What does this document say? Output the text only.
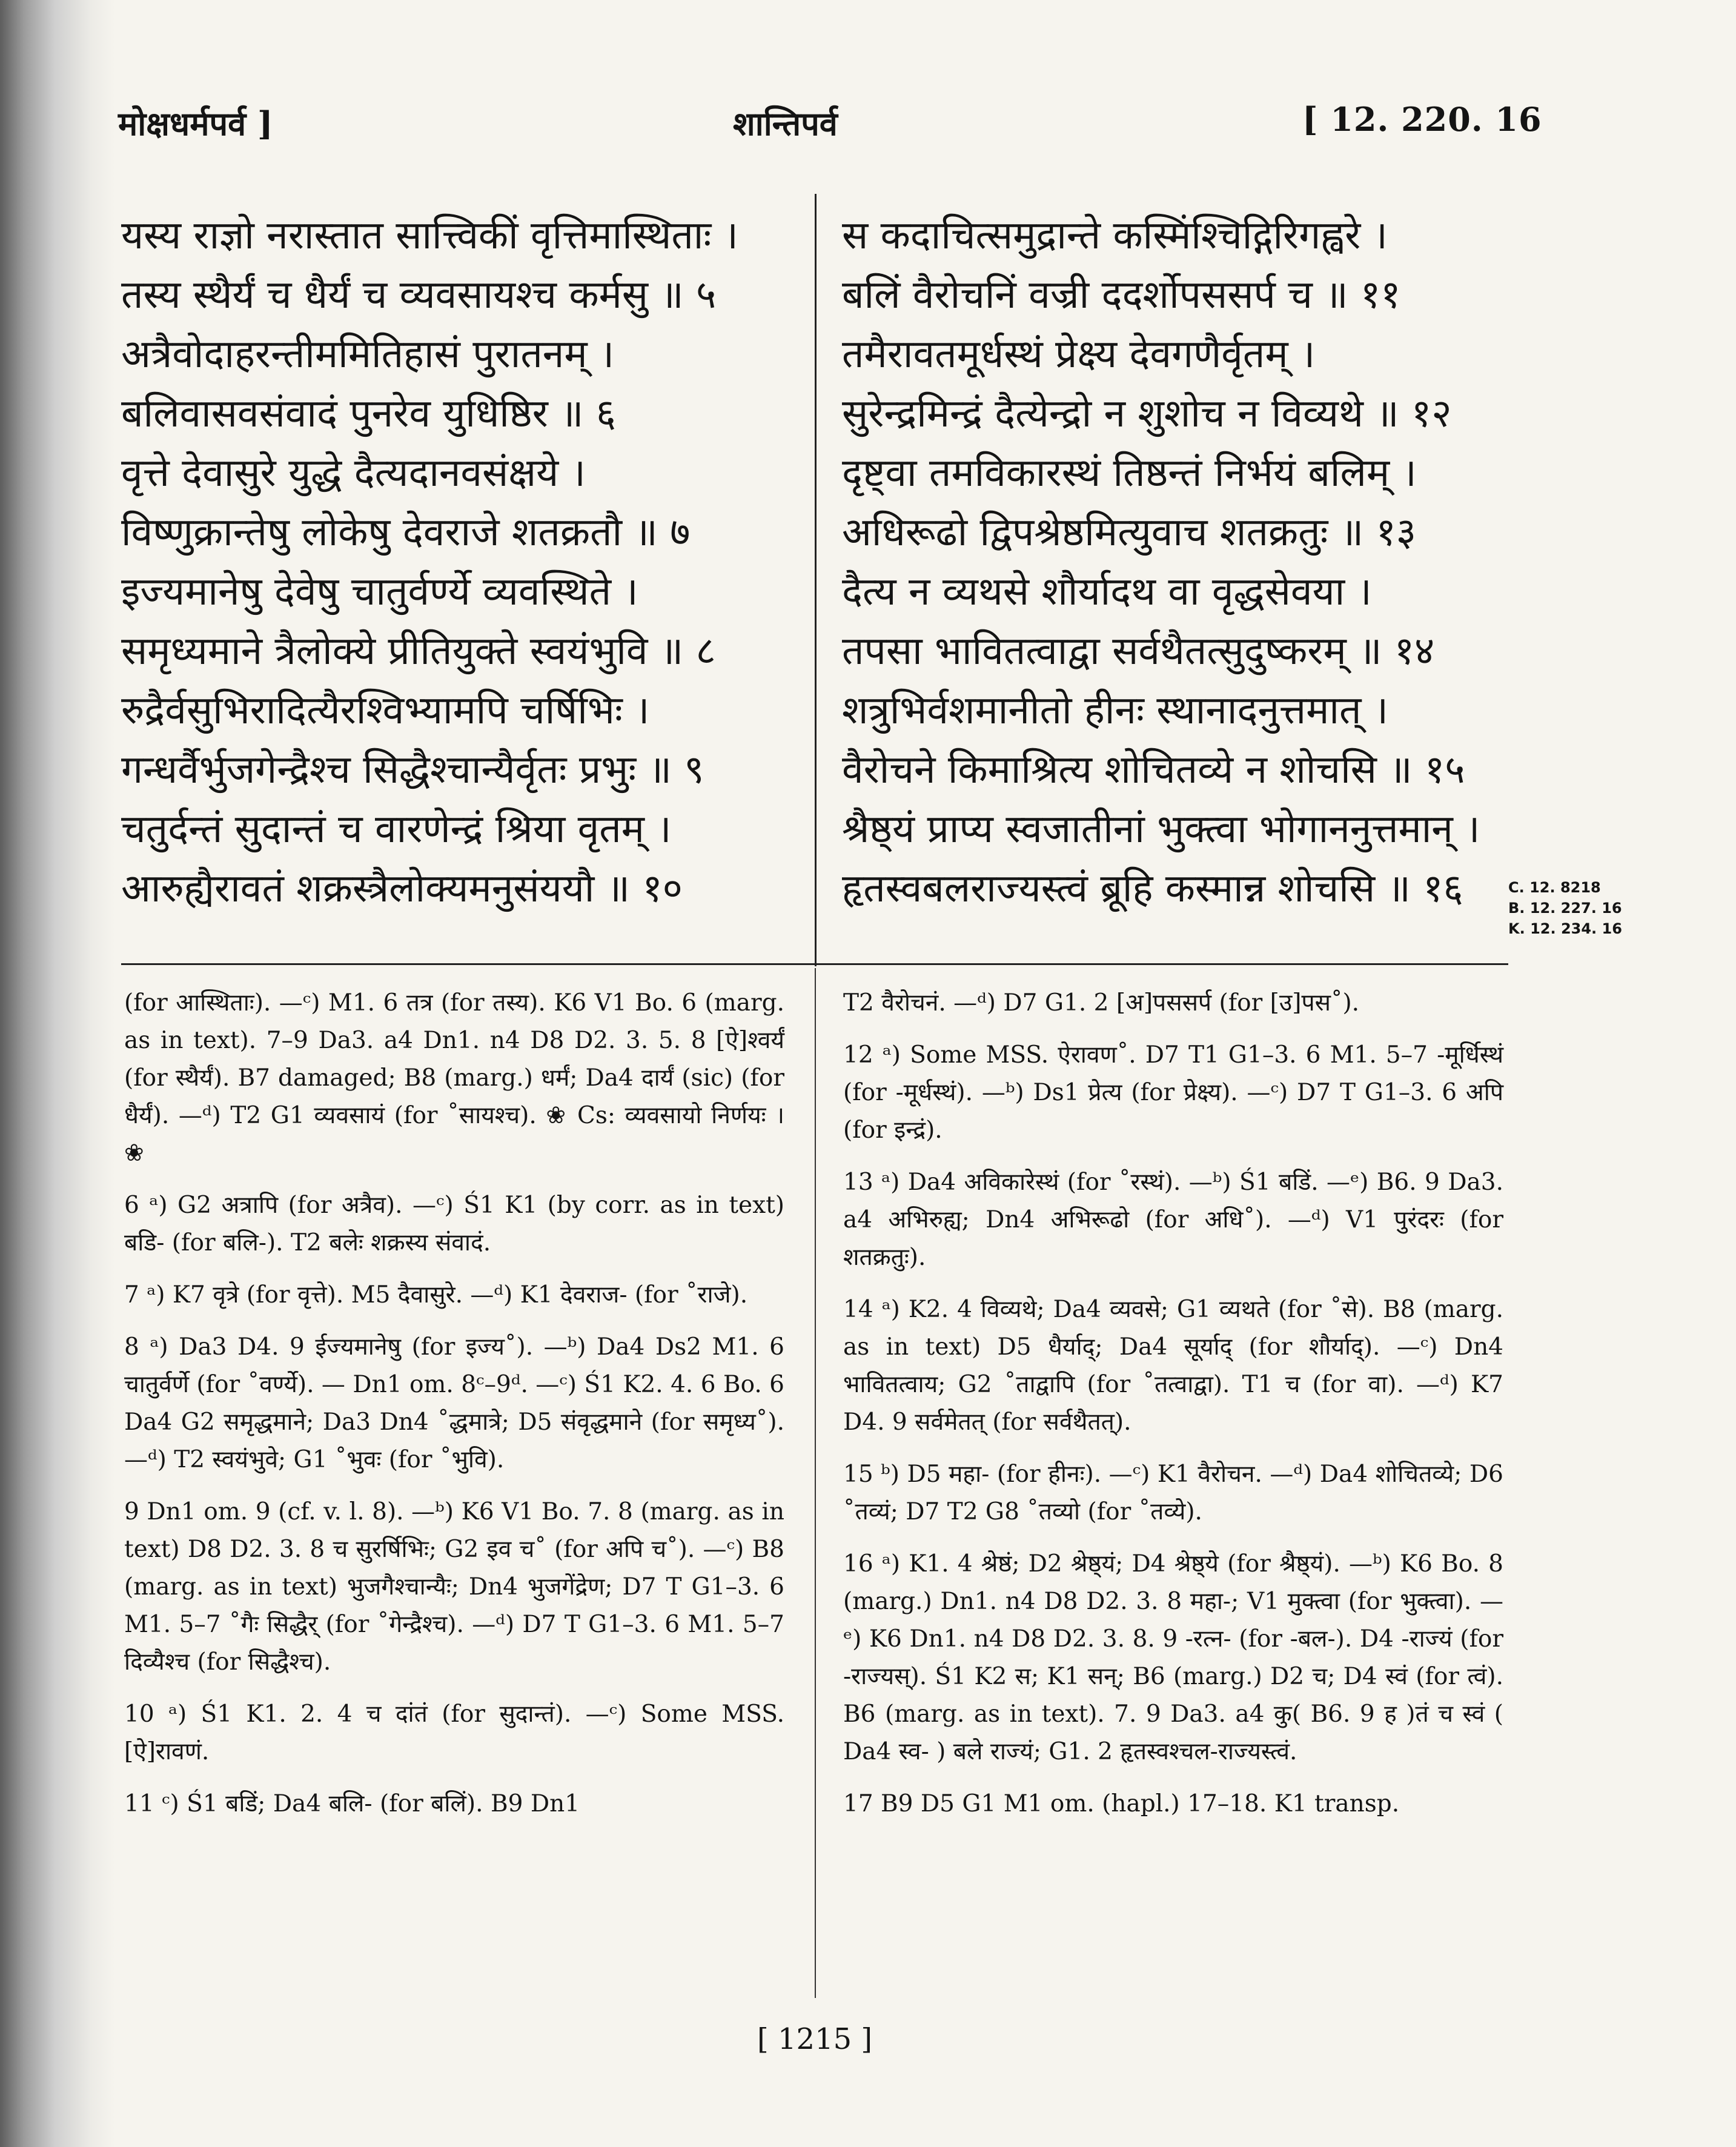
मोक्षधर्मपर्व ]	शान्तिपर्व	[ 12. 220. 16
यस्य राज्ञो नरास्तात सात्त्विकीं वृत्तिमास्थिताः ।
तस्य स्थैर्यं च धैर्यं च व्यवसायश्च कर्मसु ॥ ५
अत्रैवोदाहरन्तीममितिहासं पुरातनम् ।
बलिवासवसंवादं पुनरेव युधिष्ठिर ॥ ६
वृत्ते देवासुरे युद्धे दैत्यदानवसंक्षये ।
विष्णुक्रान्तेषु लोकेषु देवराजे शतक्रतौ ॥ ७
इज्यमानेषु देवेषु चातुर्वर्ण्ये व्यवस्थिते ।
समृध्यमाने त्रैलोक्ये प्रीतियुक्ते स्वयंभुवि ॥ ८
रुद्रैर्वसुभिरादित्यैरश्विभ्यामपि चर्षिभिः ।
गन्धर्वैर्भुजगेन्द्रैश्च सिद्धैश्चान्यैर्वृतः प्रभुः ॥ ९
चतुर्दन्तं सुदान्तं च वारणेन्द्रं श्रिया वृतम् ।
आरुह्यैरावतं शक्रस्त्रैलोक्यमनुसंययौ ॥ १०
स कदाचित्समुद्रान्ते कस्मिंश्चिद्गिरिगह्वरे ।
बलिं वैरोचनिं वज्री ददर्शोपससर्प च ॥ ११
तमैरावतमूर्धस्थं प्रेक्ष्य देवगणैर्वृतम् ।
सुरेन्द्रमिन्द्रं दैत्येन्द्रो न शुशोच न विव्यथे ॥ १२
दृष्ट्वा तमविकारस्थं तिष्ठन्तं निर्भयं बलिम् ।
अधिरूढो द्विपश्रेष्ठमित्युवाच शतक्रतुः ॥ १३
दैत्य न व्यथसे शौर्यादथ वा वृद्धसेवया ।
तपसा भावितत्वाद्वा सर्वथैतत्सुदुष्करम् ॥ १४
शत्रुभिर्वशमानीतो हीनः स्थानादनुत्तमात् ।
वैरोचने किमाश्रित्य शोचितव्ये न शोचसि ॥ १५
श्रैष्ठ्यं प्राप्य स्वजातीनां भुक्त्वा भोगाननुत्तमान् ।
हृतस्वबलराज्यस्त्वं ब्रूहि कस्मान्न शोचसि ॥ १६	C. 12. 8218
B. 12. 227. 16
K. 12. 234. 16

(for आस्थिताः). —ᶜ) M1. 6 तत्र (for तस्य). K6 V1 Bo. 6 (marg. as in text). 7–9 Da3. a4 Dn1. n4 D8 D2. 3. 5. 8 [ऐ]श्वर्यं (for स्थैर्यं). B7 damaged; B8 (marg.) धर्मं; Da4 दार्यं (sic) (for धैर्यं). —ᵈ) T2 G1 व्यवसायं (for ˚सायश्च). ❀ Cs: व्यवसायो निर्णयः । ❀

6 ᵃ) G2 अत्रापि (for अत्रैव). —ᶜ) Ś1 K1 (by corr. as in text) बडि- (for बलि-). T2 बलेः शक्रस्य संवादं.

7 ᵃ) K7 वृत्रे (for वृत्ते). M5 दैवासुरे. —ᵈ) K1 देवराज- (for ˚राजे).

8 ᵃ) Da3 D4. 9 ईज्यमानेषु (for इज्य˚). —ᵇ) Da4 Ds2 M1. 6 चातुर्वर्णे (for ˚वर्ण्ये). — Dn1 om. 8ᶜ–9ᵈ. —ᶜ) Ś1 K2. 4. 6 Bo. 6 Da4 G2 समृद्धमाने; Da3 Dn4 ˚द्धमात्रे; D5 संवृद्धमाने (for समृध्य˚). —ᵈ) T2 स्वयंभुवे; G1 ˚भुवः (for ˚भुवि).

9 Dn1 om. 9 (cf. v. l. 8). —ᵇ) K6 V1 Bo. 7. 8 (marg. as in text) D8 D2. 3. 8 च सुरर्षिभिः; G2 इव च˚ (for अपि च˚). —ᶜ) B8 (marg. as in text) भुजगैश्चान्यैः; Dn4 भुजगेंद्रेण; D7 T G1–3. 6 M1. 5–7 ˚गैः सिद्धैर् (for ˚गेन्द्रैश्च). —ᵈ) D7 T G1–3. 6 M1. 5–7 दिव्यैश्च (for सिद्धैश्च).

10 ᵃ) Ś1 K1. 2. 4 च दांतं (for सुदान्तं). —ᶜ) Some MSS. [ऐ]रावणं.

11 ᶜ) Ś1 बडिं; Da4 बलि- (for बलिं). B9 Dn1

T2 वैरोचनं. —ᵈ) D7 G1. 2 [अ]पससर्प (for [उ]पस˚).

12 ᵃ) Some MSS. ऐरावण˚. D7 T1 G1–3. 6 M1. 5–7 -मूर्धिस्थं (for -मूर्धस्थं). —ᵇ) Ds1 प्रेत्य (for प्रेक्ष्य). —ᶜ) D7 T G1–3. 6 अपि (for इन्द्रं).

13 ᵃ) Da4 अविकारेस्थं (for ˚रस्थं). —ᵇ) Ś1 बडिं. —ᵉ) B6. 9 Da3. a4 अभिरुह्य; Dn4 अभिरूढो (for अधि˚). —ᵈ) V1 पुरंदरः (for शतक्रतुः).

14 ᵃ) K2. 4 विव्यथे; Da4 व्यवसे; G1 व्यथते (for ˚से). B8 (marg. as in text) D5 धैर्याद्; Da4 सूर्याद् (for शौर्याद्). —ᶜ) Dn4 भावितत्वाय; G2 ˚ताद्वापि (for ˚तत्वाद्वा). T1 च (for वा). —ᵈ) K7 D4. 9 सर्वमेतत् (for सर्वथैतत्).

15 ᵇ) D5 महा- (for हीनः). —ᶜ) K1 वैरोचन. —ᵈ) Da4 शोचितव्ये; D6 ˚तव्यं; D7 T2 G8 ˚तव्यो (for ˚तव्ये).

16 ᵃ) K1. 4 श्रेष्ठं; D2 श्रेष्ठ्यं; D4 श्रेष्ठ्ये (for श्रैष्ठ्यं). —ᵇ) K6 Bo. 8 (marg.) Dn1. n4 D8 D2. 3. 8 महा-; V1 मुक्त्वा (for भुक्त्वा). —ᵉ) K6 Dn1. n4 D8 D2. 3. 8. 9 -रत्न- (for -बल-). D4 -राज्यं (for -राज्यस्). Ś1 K2 स; K1 सन्; B6 (marg.) D2 च; D4 स्वं (for त्वं). B6 (marg. as in text). 7. 9 Da3. a4 कु( B6. 9 ह )तं च स्वं ( Da4 स्व- ) बले राज्यं; G1. 2 हृतस्वश्चल-राज्यस्त्वं.

17 B9 D5 G1 M1 om. (hapl.) 17–18. K1 transp.

[ 1215 ]
